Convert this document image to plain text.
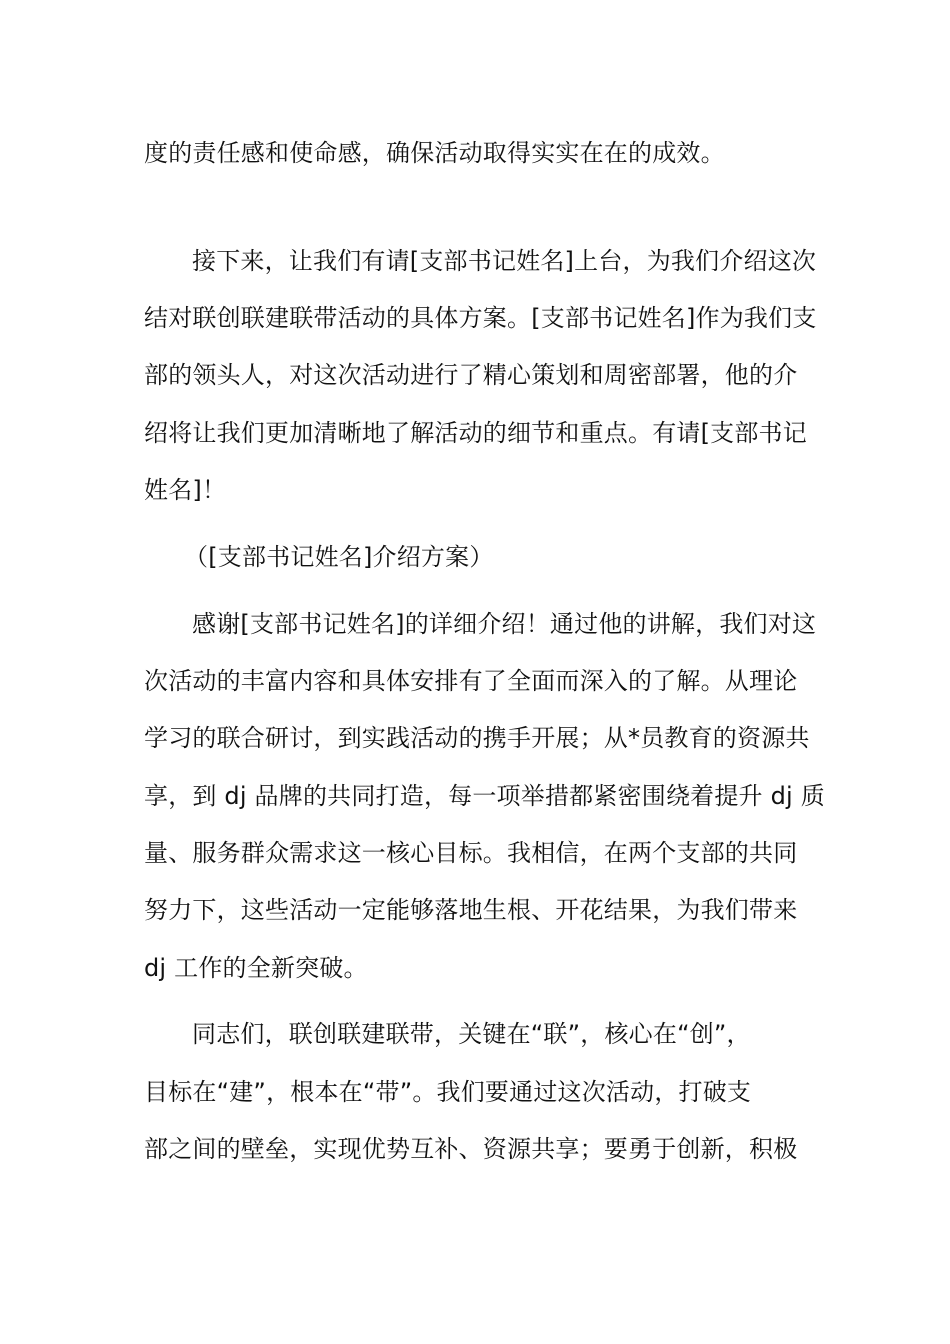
度的责任感和使命感，确保活动取得实实在在的成效。
接下来，让我们有请[支部书记姓名]上台，为我们介绍这次
结对联创联建联带活动的具体方案。[支部书记姓名]作为我们支
部的领头人，对这次活动进行了精心策划和周密部署，他的介
绍将让我们更加清晰地了解活动的细节和重点。有请[支部书记
姓名]！
（[支部书记姓名]介绍方案）
感谢[支部书记姓名]的详细介绍！通过他的讲解，我们对这
次活动的丰富内容和具体安排有了全面而深入的了解。从理论
学习的联合研讨，到实践活动的携手开展；从*员教育的资源共
享，到 dj 品牌的共同打造，每一项举措都紧密围绕着提升 dj 质
量、服务群众需求这一核心目标。我相信，在两个支部的共同
努力下，这些活动一定能够落地生根、开花结果，为我们带来
dj 工作的全新突破。
同志们，联创联建联带，关键在“联”，核心在“创”，
目标在“建”，根本在“带”。我们要通过这次活动，打破支
部之间的壁垒，实现优势互补、资源共享；要勇于创新，积极
